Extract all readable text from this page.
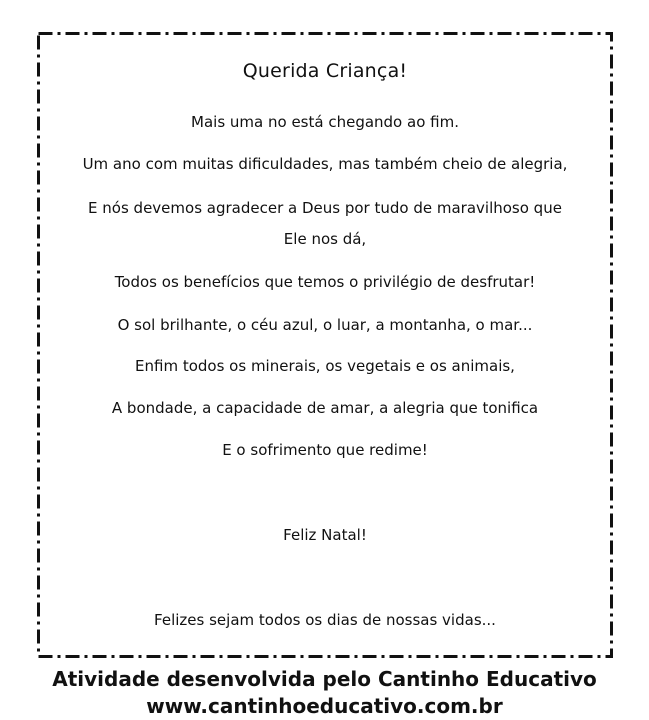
Querida Criança!
Mais uma no está chegando ao fim.
Um ano com muitas dificuldades, mas também cheio de alegria,
E nós devemos agradecer a Deus por tudo de maravilhoso que
Ele nos dá,
Todos os benefícios que temos o privilégio de desfrutar!
O sol brilhante, o céu azul, o luar, a montanha, o mar...
Enfim todos os minerais, os vegetais e os animais,
A bondade, a capacidade de amar, a alegria que tonifica
E o sofrimento que redime!
Feliz Natal!
Felizes sejam todos os dias de nossas vidas...
Atividade desenvolvida pelo Cantinho Educativo
www.cantinhoeducativo.com.br
